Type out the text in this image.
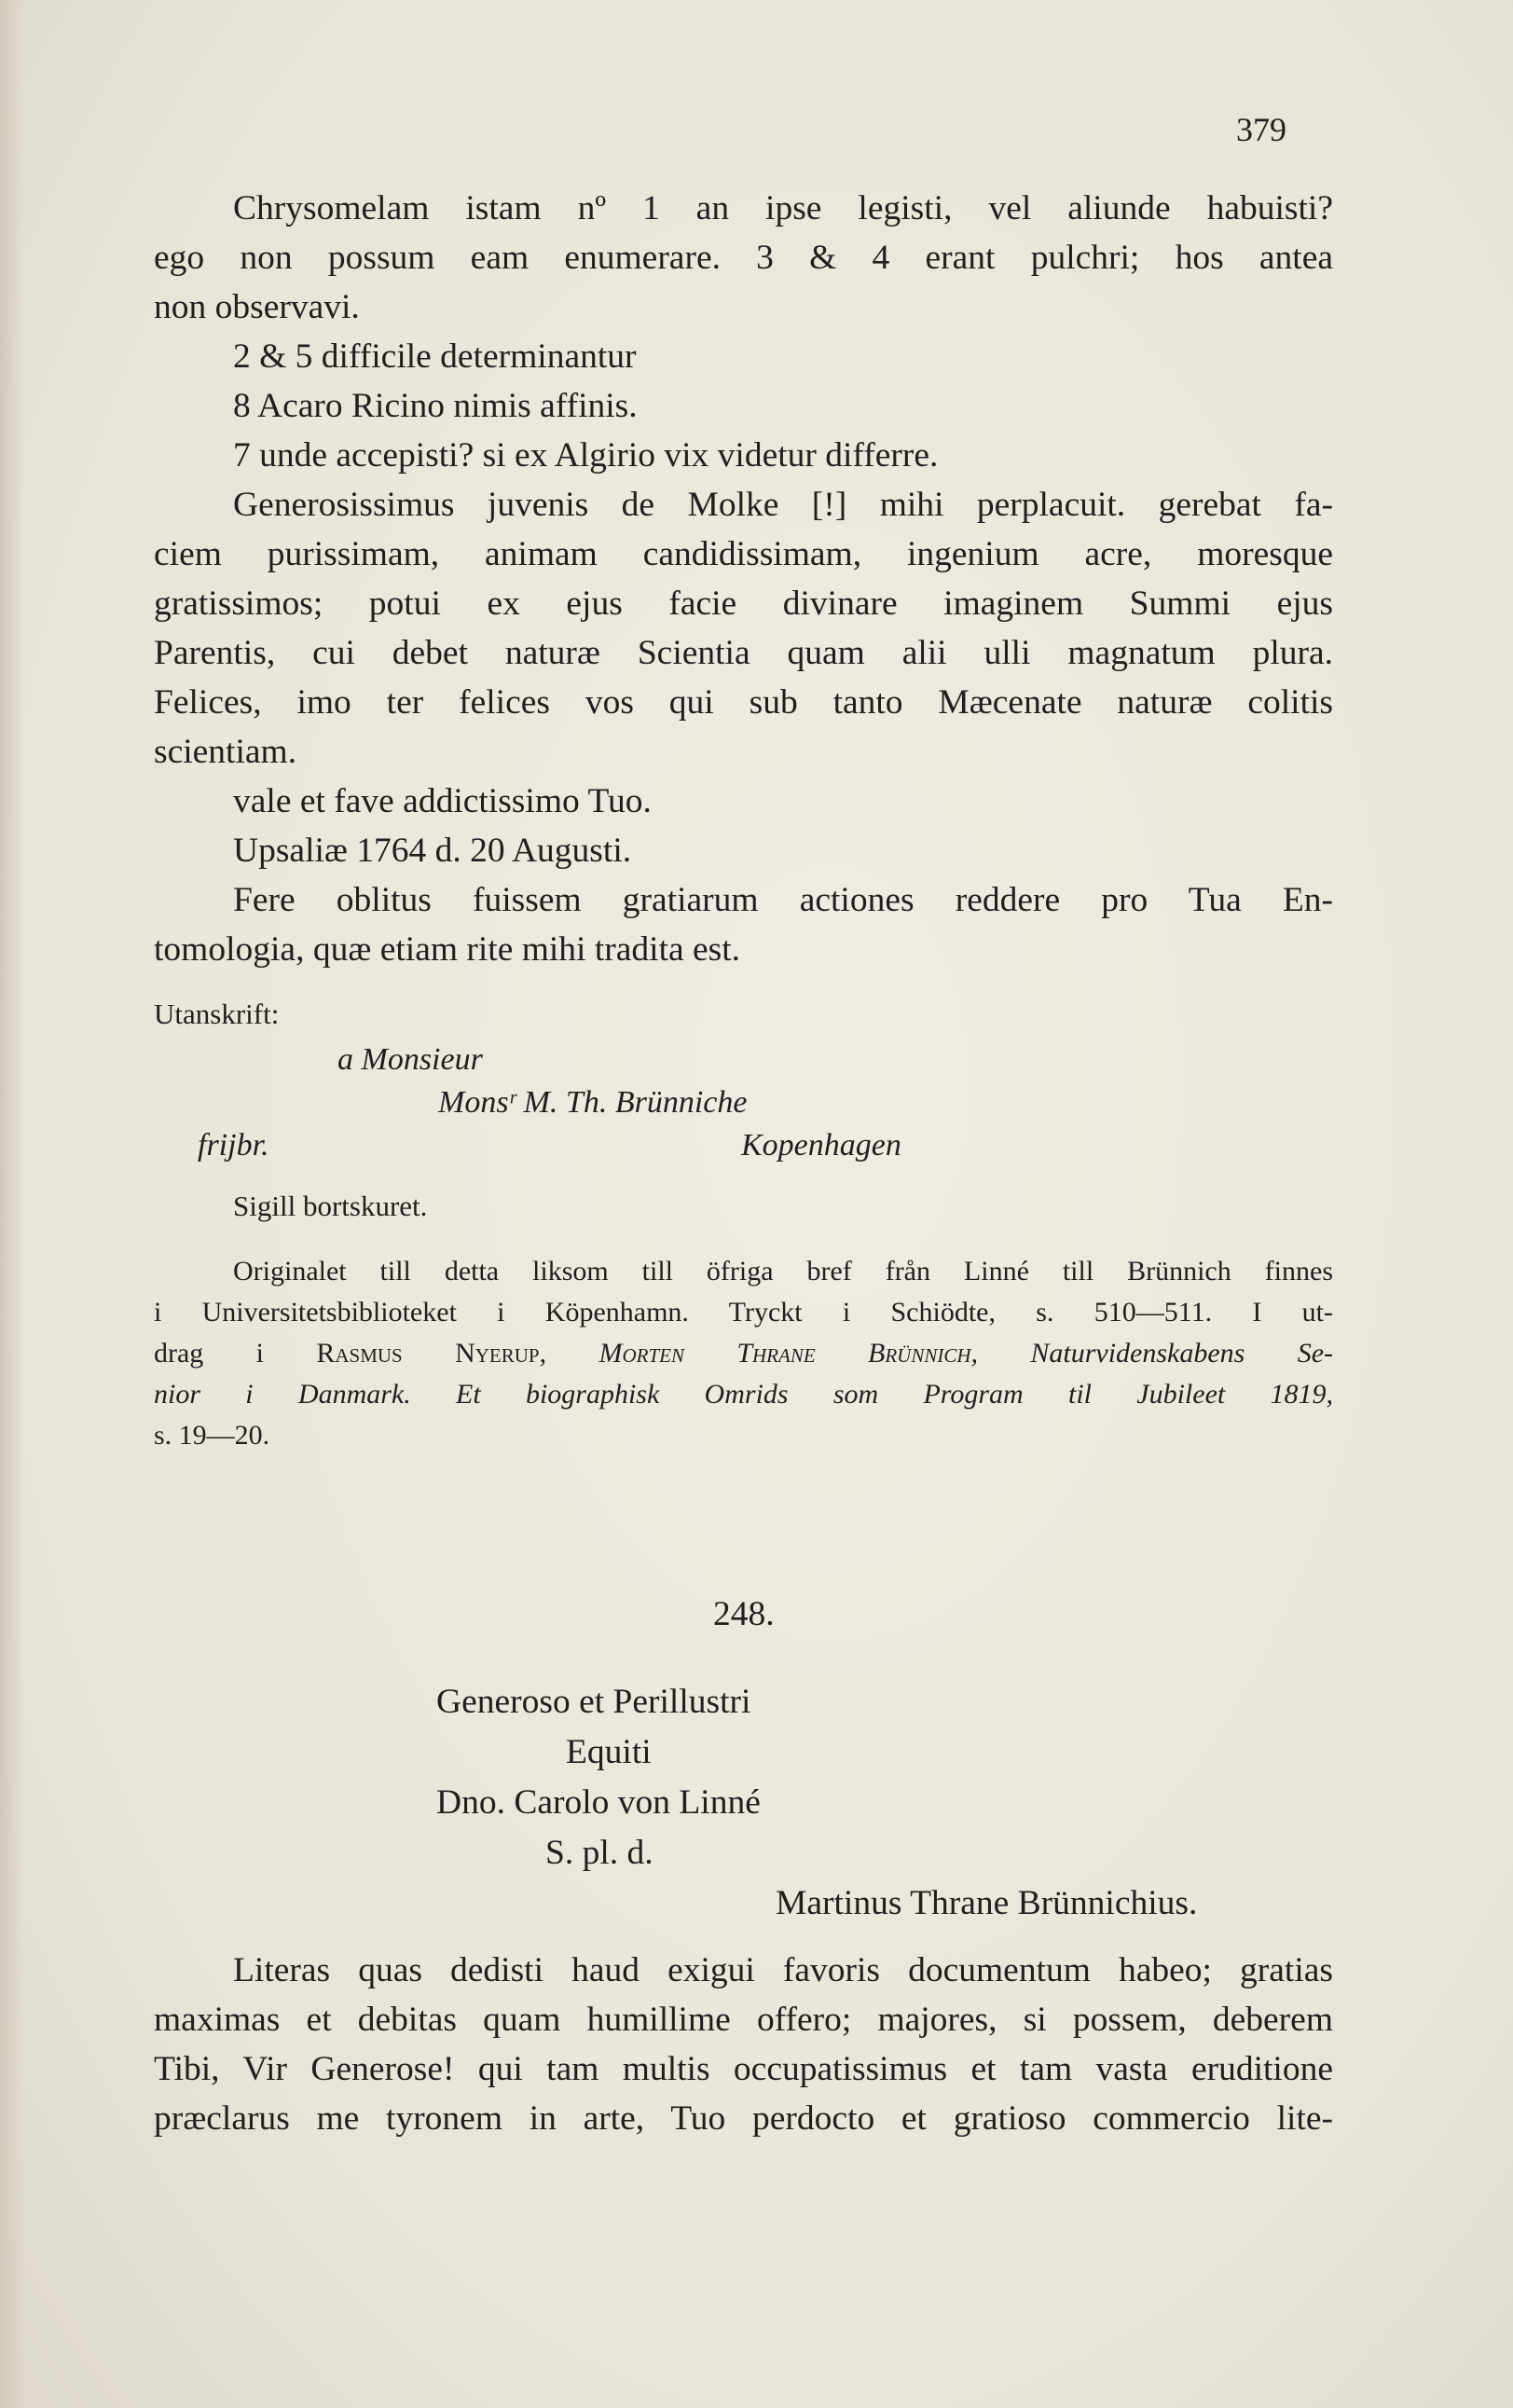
379
Chrysomelam istam nº 1 an ipse legisti, vel aliunde habuisti?
ego non possum eam enumerare. 3 & 4 erant pulchri; hos antea
non observavi.
2 & 5 difficile determinantur
8 Acaro Ricino nimis affinis.
7 unde accepisti? si ex Algirio vix videtur differre.
Generosissimus juvenis de Molke [!] mihi perplacuit. gerebat fa-
ciem purissimam, animam candidissimam, ingenium acre, moresque
gratissimos; potui ex ejus facie divinare imaginem Summi ejus
Parentis, cui debet naturæ Scientia quam alii ulli magnatum plura.
Felices, imo ter felices vos qui sub tanto Mæcenate naturæ colitis
scientiam.
vale et fave addictissimo Tuo.
Upsaliæ 1764 d. 20 Augusti.
Fere oblitus fuissem gratiarum actiones reddere pro Tua En-
tomologia, quæ etiam rite mihi tradita est.
Utanskrift:
a Monsieur
Monsʳ M. Th. Brünniche
frijbr.	Kopenhagen
Sigill bortskuret.
Originalet till detta liksom till öfriga bref från Linné till Brünnich finnes
i Universitetsbiblioteket i Köpenhamn. Tryckt i Schiödte, s. 510—511. I ut-
drag i Rasmus Nyerup, Morten Thrane Brünnich, Naturvidenskabens Se-
nior i Danmark. Et biographisk Omrids som Program til Jubileet 1819,
s. 19—20.
248.
Generoso et Perillustri
Equiti
Dno. Carolo von Linné
S. pl. d.
Martinus Thrane Brünnichius.
Literas quas dedisti haud exigui favoris documentum habeo; gratias
maximas et debitas quam humillime offero; majores, si possem, deberem
Tibi, Vir Generose! qui tam multis occupatissimus et tam vasta eruditione
præclarus me tyronem in arte, Tuo perdocto et gratioso commercio lite-
